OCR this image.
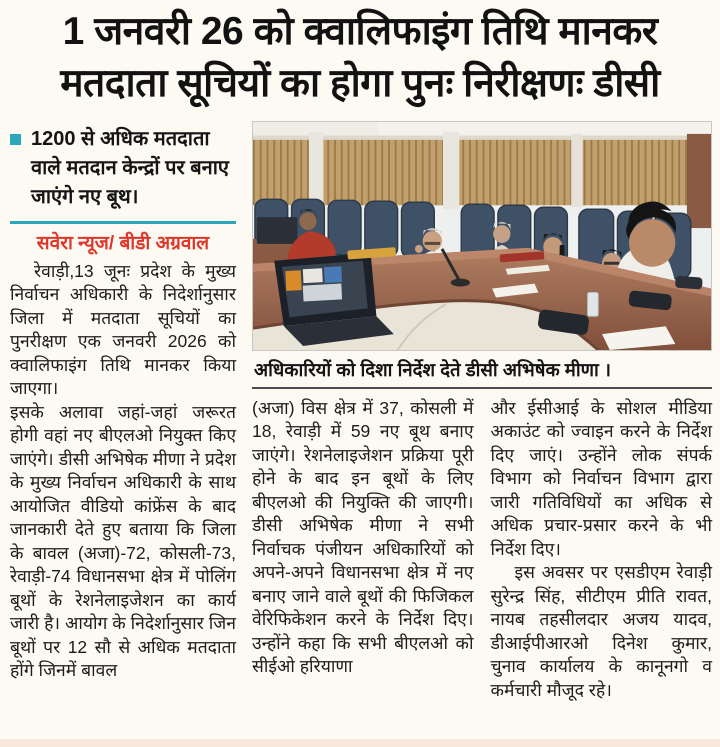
1 जनवरी 26 को क्वालिफाइंग तिथि मानकर
मतदाता सूचियों का होगा पुनः निरीक्षणः डीसी
1200 से अधिक मतदाता वाले मतदान केन्द्रों पर बनाए जाएंगे नए बूथ।
सवेरा न्यूज/ बीडी अग्रवाल

रेवाड़ी,13 जूनः प्रदेश के मुख्य निर्वाचन अधिकारी के निदेर्शानुसार जिला में मतदाता सूचियों का पुनरीक्षण एक जनवरी 2026 को क्वालिफाइंग तिथि मानकर किया जाएगा।

इसके अलावा जहां-जहां जरूरत होगी वहां नए बीएलओ नियुक्त किए जाएंगे। डीसी अभिषेक मीणा ने प्रदेश के मुख्य निर्वाचन अधिकारी के साथ आयोजित वीडियो कांफ्रेंस के बाद जानकारी देते हुए बताया कि जिला के बावल (अजा)-72, कोसली-73, रेवाड़ी-74 विधानसभा क्षेत्र में पोलिंग बूथों के रेशनेलाइजेशन का कार्य जारी है। आयोग के निदेर्शानुसार जिन बूथों पर 12 सौ से अधिक मतदाता होंगे जिनमें बावल

अधिकारियों को दिशा निर्देश देते डीसी अभिषेक मीणा ।

(अजा) विस क्षेत्र में 37, कोसली में 18, रेवाड़ी में 59 नए बूथ बनाए जाएंगे। रेशनेलाइजेशन प्रक्रिया पूरी होने के बाद इन बूथों के लिए बीएलओ की नियुक्ति की जाएगी। डीसी अभिषेक मीणा ने सभी निर्वाचक पंजीयन अधिकारियों को अपने-अपने विधानसभा क्षेत्र में नए बनाए जाने वाले बूथों की फिजिकल वेरिफिकेशन करने के निर्देश दिए। उन्होंने कहा कि सभी बीएलओ को सीईओ हरियाणा

और ईसीआई के सोशल मीडिया अकाउंट को ज्वाइन करने के निर्देश दिए जाएं। उन्होंने लोक संपर्क विभाग को निर्वाचन विभाग द्वारा जारी गतिविधियों का अधिक से अधिक प्रचार-प्रसार करने के भी निर्देश दिए।

इस अवसर पर एसडीएम रेवाड़ी सुरेन्द्र सिंह, सीटीएम प्रीति रावत, नायब तहसीलदार अजय यादव, डीआईपीआरओ दिनेश कुमार, चुनाव कार्यालय के कानूनगो व कर्मचारी मौजूद रहे।
